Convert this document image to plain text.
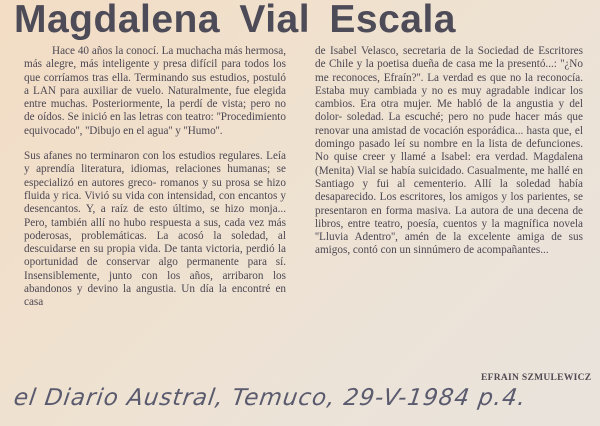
Magdalena Vial Escala

Hace 40 años la conocí. La muchacha más hermosa, más alegre, más inteligente y presa difícil para todos los que corríamos tras ella. Terminando sus estudios, postuló a LAN para auxiliar de vuelo. Naturalmente, fue elegida entre muchas. Posteriormente, la perdí de vista; pero no de oídos. Se inició en las letras con teatro: ''Procedimiento equivocado'', ''Dibujo en el agua'' y ''Humo''.

Sus afanes no terminaron con los estudios regulares. Leía y aprendía literatura, idiomas, relaciones humanas; se especializó en autores greco- romanos y su prosa se hizo fluida y rica. Vivió su vida con intensidad, con encantos y desencantos. Y, a raíz de esto último, se hizo monja... Pero, también allí no hubo respuesta a sus, cada vez más poderosas, problemáticas. La acosó la soledad, al descuidarse en su propia vida. De tanta victoria, perdió la oportunidad de conservar algo permanente para sí. Insensiblemente, junto con los años, arribaron los abandonos y devino la angustia. Un día la encontré en casa

de Isabel Velasco, secretaria de la Sociedad de Escritores de Chile y la poetisa dueña de casa me la presentó...: ''¿No me reconoces, Efraín?''. La verdad es que no la reconocía. Estaba muy cambiada y no es muy agradable indicar los cambios. Era otra mujer. Me habló de la angustia y del dolor- soledad. La escuché; pero no pude hacer más que renovar una amistad de vocación esporádica... hasta que, el domingo pasado leí su nombre en la lista de defunciones. No quise creer y llamé a Isabel: era verdad. Magdalena (Menita) Vial se había suicidado. Casualmente, me hallé en Santiago y fui al cementerio. Allí la soledad había desaparecido. Los escritores, los amigos y los parientes, se presentaron en forma masiva. La autora de una decena de libros, entre teatro, poesía, cuentos y la magnífica novela ''Lluvia Adentro'', amén de la excelente amiga de sus amigos, contó con un sinnúmero de acompañantes...

EFRAIN SZMULEWICZ
el Diario Austral, Temuco, 29-V-1984 p.4.
